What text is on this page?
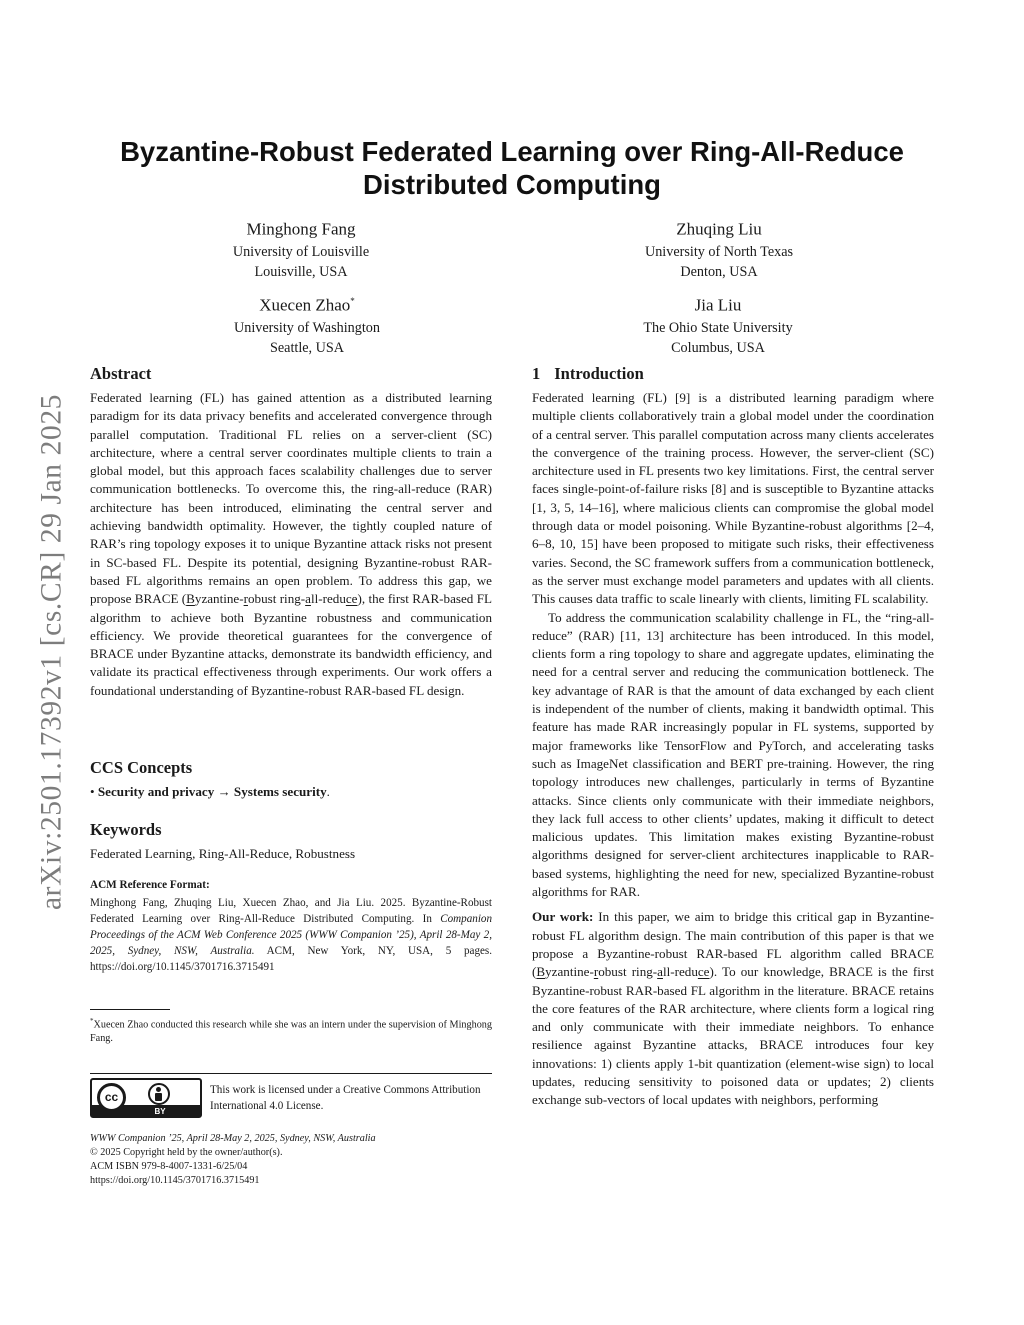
arXiv:2501.17392v1 [cs.CR] 29 Jan 2025
Byzantine-Robust Federated Learning over Ring-All-Reduce
Distributed Computing
Minghong Fang
University of Louisville
Louisville, USA
Zhuqing Liu
University of North Texas
Denton, USA
Xuecen Zhao*
University of Washington
Seattle, USA
Jia Liu
The Ohio State University
Columbus, USA
Abstract
Federated learning (FL) has gained attention as a distributed learning paradigm for its data privacy benefits and accelerated convergence through parallel computation. Traditional FL relies on a server-client (SC) architecture, where a central server coordinates multiple clients to train a global model, but this approach faces scalability challenges due to server communication bottlenecks. To overcome this, the ring-all-reduce (RAR) architecture has been introduced, eliminating the central server and achieving bandwidth optimality. However, the tightly coupled nature of RAR’s ring topology exposes it to unique Byzantine attack risks not present in SC-based FL. Despite its potential, designing Byzantine-robust RAR-based FL algorithms remains an open problem. To address this gap, we propose BRACE (Byzantine-robust ring-all-reduce), the first RAR-based FL algorithm to achieve both Byzantine robustness and communication efficiency. We provide theoretical guarantees for the convergence of BRACE under Byzantine attacks, demonstrate its bandwidth efficiency, and validate its practical effectiveness through experiments. Our work offers a foundational understanding of Byzantine-robust RAR-based FL design.
CCS Concepts
• Security and privacy → Systems security.
Keywords
Federated Learning, Ring-All-Reduce, Robustness
ACM Reference Format:
Minghong Fang, Zhuqing Liu, Xuecen Zhao, and Jia Liu. 2025. Byzantine-Robust Federated Learning over Ring-All-Reduce Distributed Computing. In Companion Proceedings of the ACM Web Conference 2025 (WWW Companion ’25), April 28-May 2, 2025, Sydney, NSW, Australia. ACM, New York, NY, USA, 5 pages. https://doi.org/10.1145/3701716.3715491
*Xuecen Zhao conducted this research while she was an intern under the supervision of Minghong Fang.
cc
BY
This work is licensed under a Creative Commons Attribution International 4.0 License.
WWW Companion ’25, April 28-May 2, 2025, Sydney, NSW, Australia
© 2025 Copyright held by the owner/author(s).
ACM ISBN 979-8-4007-1331-6/25/04
https://doi.org/10.1145/3701716.3715491
1 Introduction
Federated learning (FL) [9] is a distributed learning paradigm where multiple clients collaboratively train a global model under the coordination of a central server. This parallel computation across many clients accelerates the convergence of the training process. However, the server-client (SC) architecture used in FL presents two key limitations. First, the central server faces single-point-of-failure risks [8] and is susceptible to Byzantine attacks [1, 3, 5, 14–16], where malicious clients can compromise the global model through data or model poisoning. While Byzantine-robust algorithms [2–4, 6–8, 10, 15] have been proposed to mitigate such risks, their effectiveness varies. Second, the SC framework suffers from a communication bottleneck, as the server must exchange model parameters and updates with all clients. This causes data traffic to scale linearly with clients, limiting FL scalability.
To address the communication scalability challenge in FL, the “ring-all-reduce” (RAR) [11, 13] architecture has been introduced. In this model, clients form a ring topology to share and aggregate updates, eliminating the need for a central server and reducing the communication bottleneck. The key advantage of RAR is that the amount of data exchanged by each client is independent of the number of clients, making it bandwidth optimal. This feature has made RAR increasingly popular in FL systems, supported by major frameworks like TensorFlow and PyTorch, and accelerating tasks such as ImageNet classification and BERT pre-training. However, the ring topology introduces new challenges, particularly in terms of Byzantine attacks. Since clients only communicate with their immediate neighbors, they lack full access to other clients’ updates, making it difficult to detect malicious updates. This limitation makes existing Byzantine-robust algorithms designed for server-client architectures inapplicable to RAR-based systems, highlighting the need for new, specialized Byzantine-robust algorithms for RAR.
Our work: In this paper, we aim to bridge this critical gap in Byzantine-robust FL algorithm design. The main contribution of this paper is that we propose a Byzantine-robust RAR-based FL algorithm called BRACE (Byzantine-robust ring-all-reduce). To our knowledge, BRACE is the first Byzantine-robust RAR-based FL algorithm in the literature. BRACE retains the core features of the RAR architecture, where clients form a logical ring and only communicate with their immediate neighbors. To enhance resilience against Byzantine attacks, BRACE introduces four key innovations: 1) clients apply 1-bit quantization (element-wise sign) to local updates, reducing sensitivity to poisoned data or updates; 2) clients exchange sub-vectors of local updates with neighbors, performing
